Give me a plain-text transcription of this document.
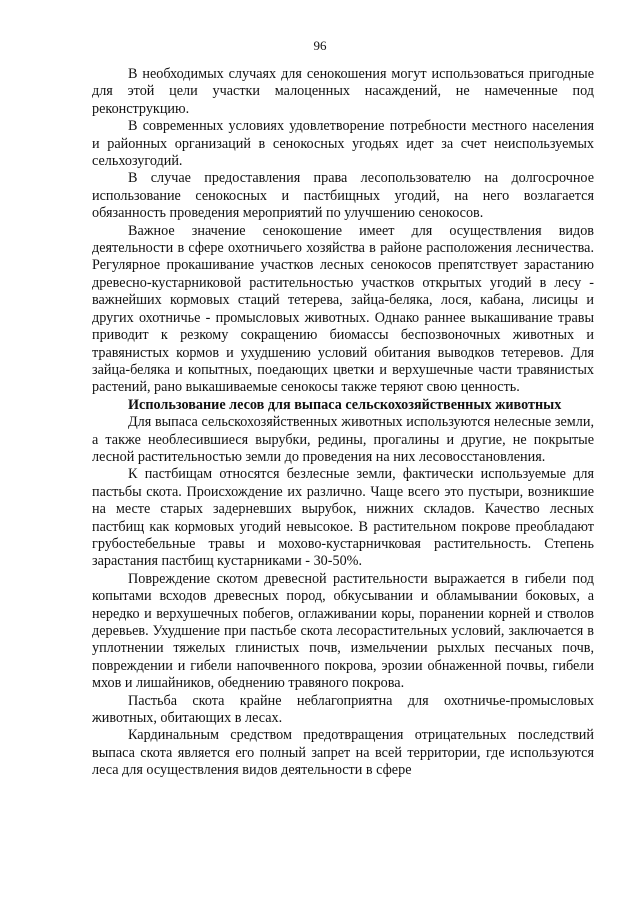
96

В необходимых случаях для сенокошения могут использоваться пригодные для этой цели участки малоценных насаждений, не намеченные под реконструкцию.

В современных условиях удовлетворение потребности местного населения и районных организаций в сенокосных угодьях идет за счет неиспользуемых сельхозугодий.

В случае предоставления права лесопользователю на долгосрочное использование сенокосных и пастбищных угодий, на него возлагается обязанность проведения мероприятий по улучшению сенокосов.

Важное значение сенокошение имеет для осуществления видов деятельности в сфере охотничьего хозяйства в районе расположения лесничества. Регулярное прокашивание участков лесных сенокосов препятствует зарастанию древесно-кустарниковой растительностью участков открытых угодий в лесу - важнейших кормовых стаций тетерева, зайца-беляка, лося, кабана, лисицы и других охотничье - промысловых животных. Однако раннее выкашивание травы приводит к резкому сокращению биомассы беспозвоночных животных и травянистых кормов и ухудшению условий обитания выводков тетеревов. Для зайца-беляка и копытных, поедающих цветки и верхушечные части травянистых растений, рано выкашиваемые сенокосы также теряют свою ценность.

Использование лесов для выпаса сельскохозяйственных животных

Для выпаса сельскохозяйственных животных используются нелесные земли, а также необлесившиеся вырубки, редины, прогалины и другие, не покрытые лесной растительностью земли до проведения на них лесовосстановления.

К пастбищам относятся безлесные земли, фактически используемые для пастьбы скота. Происхождение их различно. Чаще всего это пустыри, возникшие на месте старых задерневших вырубок, нижних складов. Качество лесных пастбищ как кормовых угодий невысокое. В растительном покрове преобладают грубостебельные травы и мохово-кустарничковая растительность. Степень зарастания пастбищ кустарниками - 30-50%.

Повреждение скотом древесной растительности выражается в гибели под копытами всходов древесных пород, обкусывании и обламывании боковых, а нередко и верхушечных побегов, оглаживании коры, поранении корней и стволов деревьев. Ухудшение при пастьбе скота лесорастительных условий, заключается в уплотнении тяжелых глинистых почв, измельчении рыхлых песчаных почв, повреждении и гибели напочвенного покрова, эрозии обнаженной почвы, гибели мхов и лишайников, обеднению травяного покрова.

Пастьба скота крайне неблагоприятна для охотничье-промысловых животных, обитающих в лесах.

Кардинальным средством предотвращения отрицательных последствий выпаса скота является его полный запрет на всей территории, где используются леса для осуществления видов деятельности в сфере
